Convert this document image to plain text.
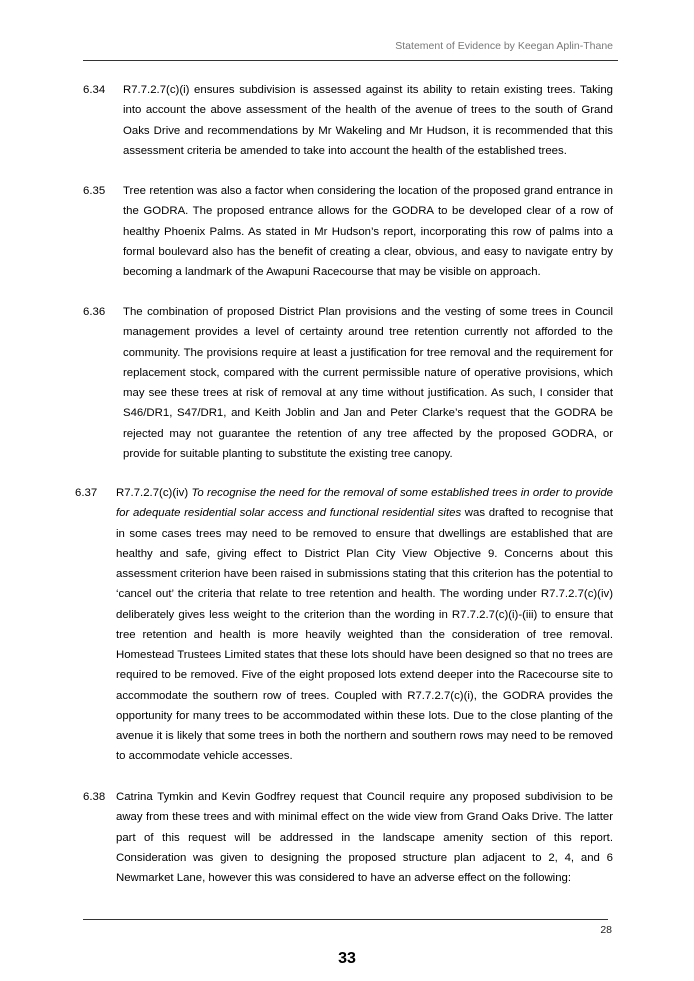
Statement of Evidence by Keegan Aplin-Thane
6.34 R7.7.2.7(c)(i) ensures subdivision is assessed against its ability to retain existing trees. Taking into account the above assessment of the health of the avenue of trees to the south of Grand Oaks Drive and recommendations by Mr Wakeling and Mr Hudson, it is recommended that this assessment criteria be amended to take into account the health of the established trees.
6.35 Tree retention was also a factor when considering the location of the proposed grand entrance in the GODRA. The proposed entrance allows for the GODRA to be developed clear of a row of healthy Phoenix Palms. As stated in Mr Hudson’s report, incorporating this row of palms into a formal boulevard also has the benefit of creating a clear, obvious, and easy to navigate entry by becoming a landmark of the Awapuni Racecourse that may be visible on approach.
6.36 The combination of proposed District Plan provisions and the vesting of some trees in Council management provides a level of certainty around tree retention currently not afforded to the community. The provisions require at least a justification for tree removal and the requirement for replacement stock, compared with the current permissible nature of operative provisions, which may see these trees at risk of removal at any time without justification. As such, I consider that S46/DR1, S47/DR1, and Keith Joblin and Jan and Peter Clarke’s request that the GODRA be rejected may not guarantee the retention of any tree affected by the proposed GODRA, or provide for suitable planting to substitute the existing tree canopy.
6.37 R7.7.2.7(c)(iv) To recognise the need for the removal of some established trees in order to provide for adequate residential solar access and functional residential sites was drafted to recognise that in some cases trees may need to be removed to ensure that dwellings are established that are healthy and safe, giving effect to District Plan City View Objective 9. Concerns about this assessment criterion have been raised in submissions stating that this criterion has the potential to ‘cancel out’ the criteria that relate to tree retention and health. The wording under R7.7.2.7(c)(iv) deliberately gives less weight to the criterion than the wording in R7.7.2.7(c)(i)-(iii) to ensure that tree retention and health is more heavily weighted than the consideration of tree removal. Homestead Trustees Limited states that these lots should have been designed so that no trees are required to be removed. Five of the eight proposed lots extend deeper into the Racecourse site to accommodate the southern row of trees. Coupled with R7.7.2.7(c)(i), the GODRA provides the opportunity for many trees to be accommodated within these lots. Due to the close planting of the avenue it is likely that some trees in both the northern and southern rows may need to be removed to accommodate vehicle accesses.
6.38 Catrina Tymkin and Kevin Godfrey request that Council require any proposed subdivision to be away from these trees and with minimal effect on the wide view from Grand Oaks Drive. The latter part of this request will be addressed in the landscape amenity section of this report. Consideration was given to designing the proposed structure plan adjacent to 2, 4, and 6 Newmarket Lane, however this was considered to have an adverse effect on the following:
28
33
